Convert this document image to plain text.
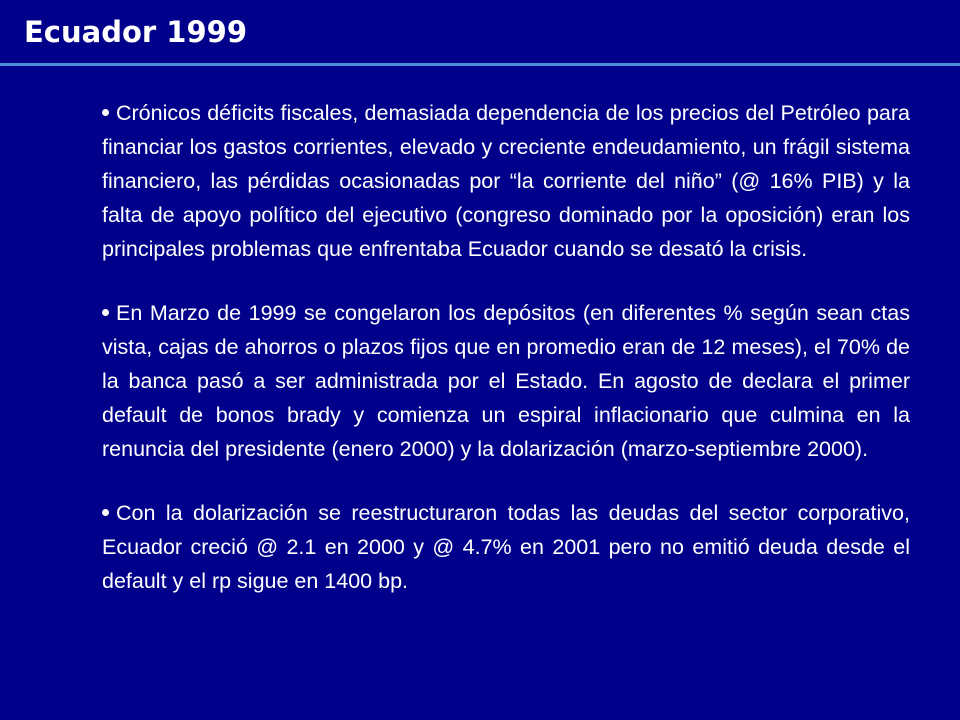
Ecuador 1999

Crónicos déficits fiscales, demasiada dependencia de los precios del Petróleo para financiar los gastos corrientes, elevado y creciente endeudamiento, un frágil sistema financiero, las pérdidas ocasionadas por “la corriente del niño” (@ 16% PIB) y la falta de apoyo político del ejecutivo (congreso dominado por la oposición) eran los principales problemas que enfrentaba Ecuador cuando se desató la crisis.

En Marzo de 1999 se congelaron los depósitos (en diferentes % según sean ctas vista, cajas de ahorros o plazos fijos que en promedio eran de 12 meses), el 70% de la banca pasó a ser administrada por el Estado. En agosto de declara el primer default de bonos brady y comienza un espiral inflacionario que culmina en la renuncia del presidente (enero 2000) y la dolarización (marzo-septiembre 2000).

Con la dolarización se reestructuraron todas las deudas del sector corporativo, Ecuador creció @ 2.1 en 2000 y @ 4.7% en 2001 pero no emitió deuda desde el default y el rp sigue en 1400 bp.
